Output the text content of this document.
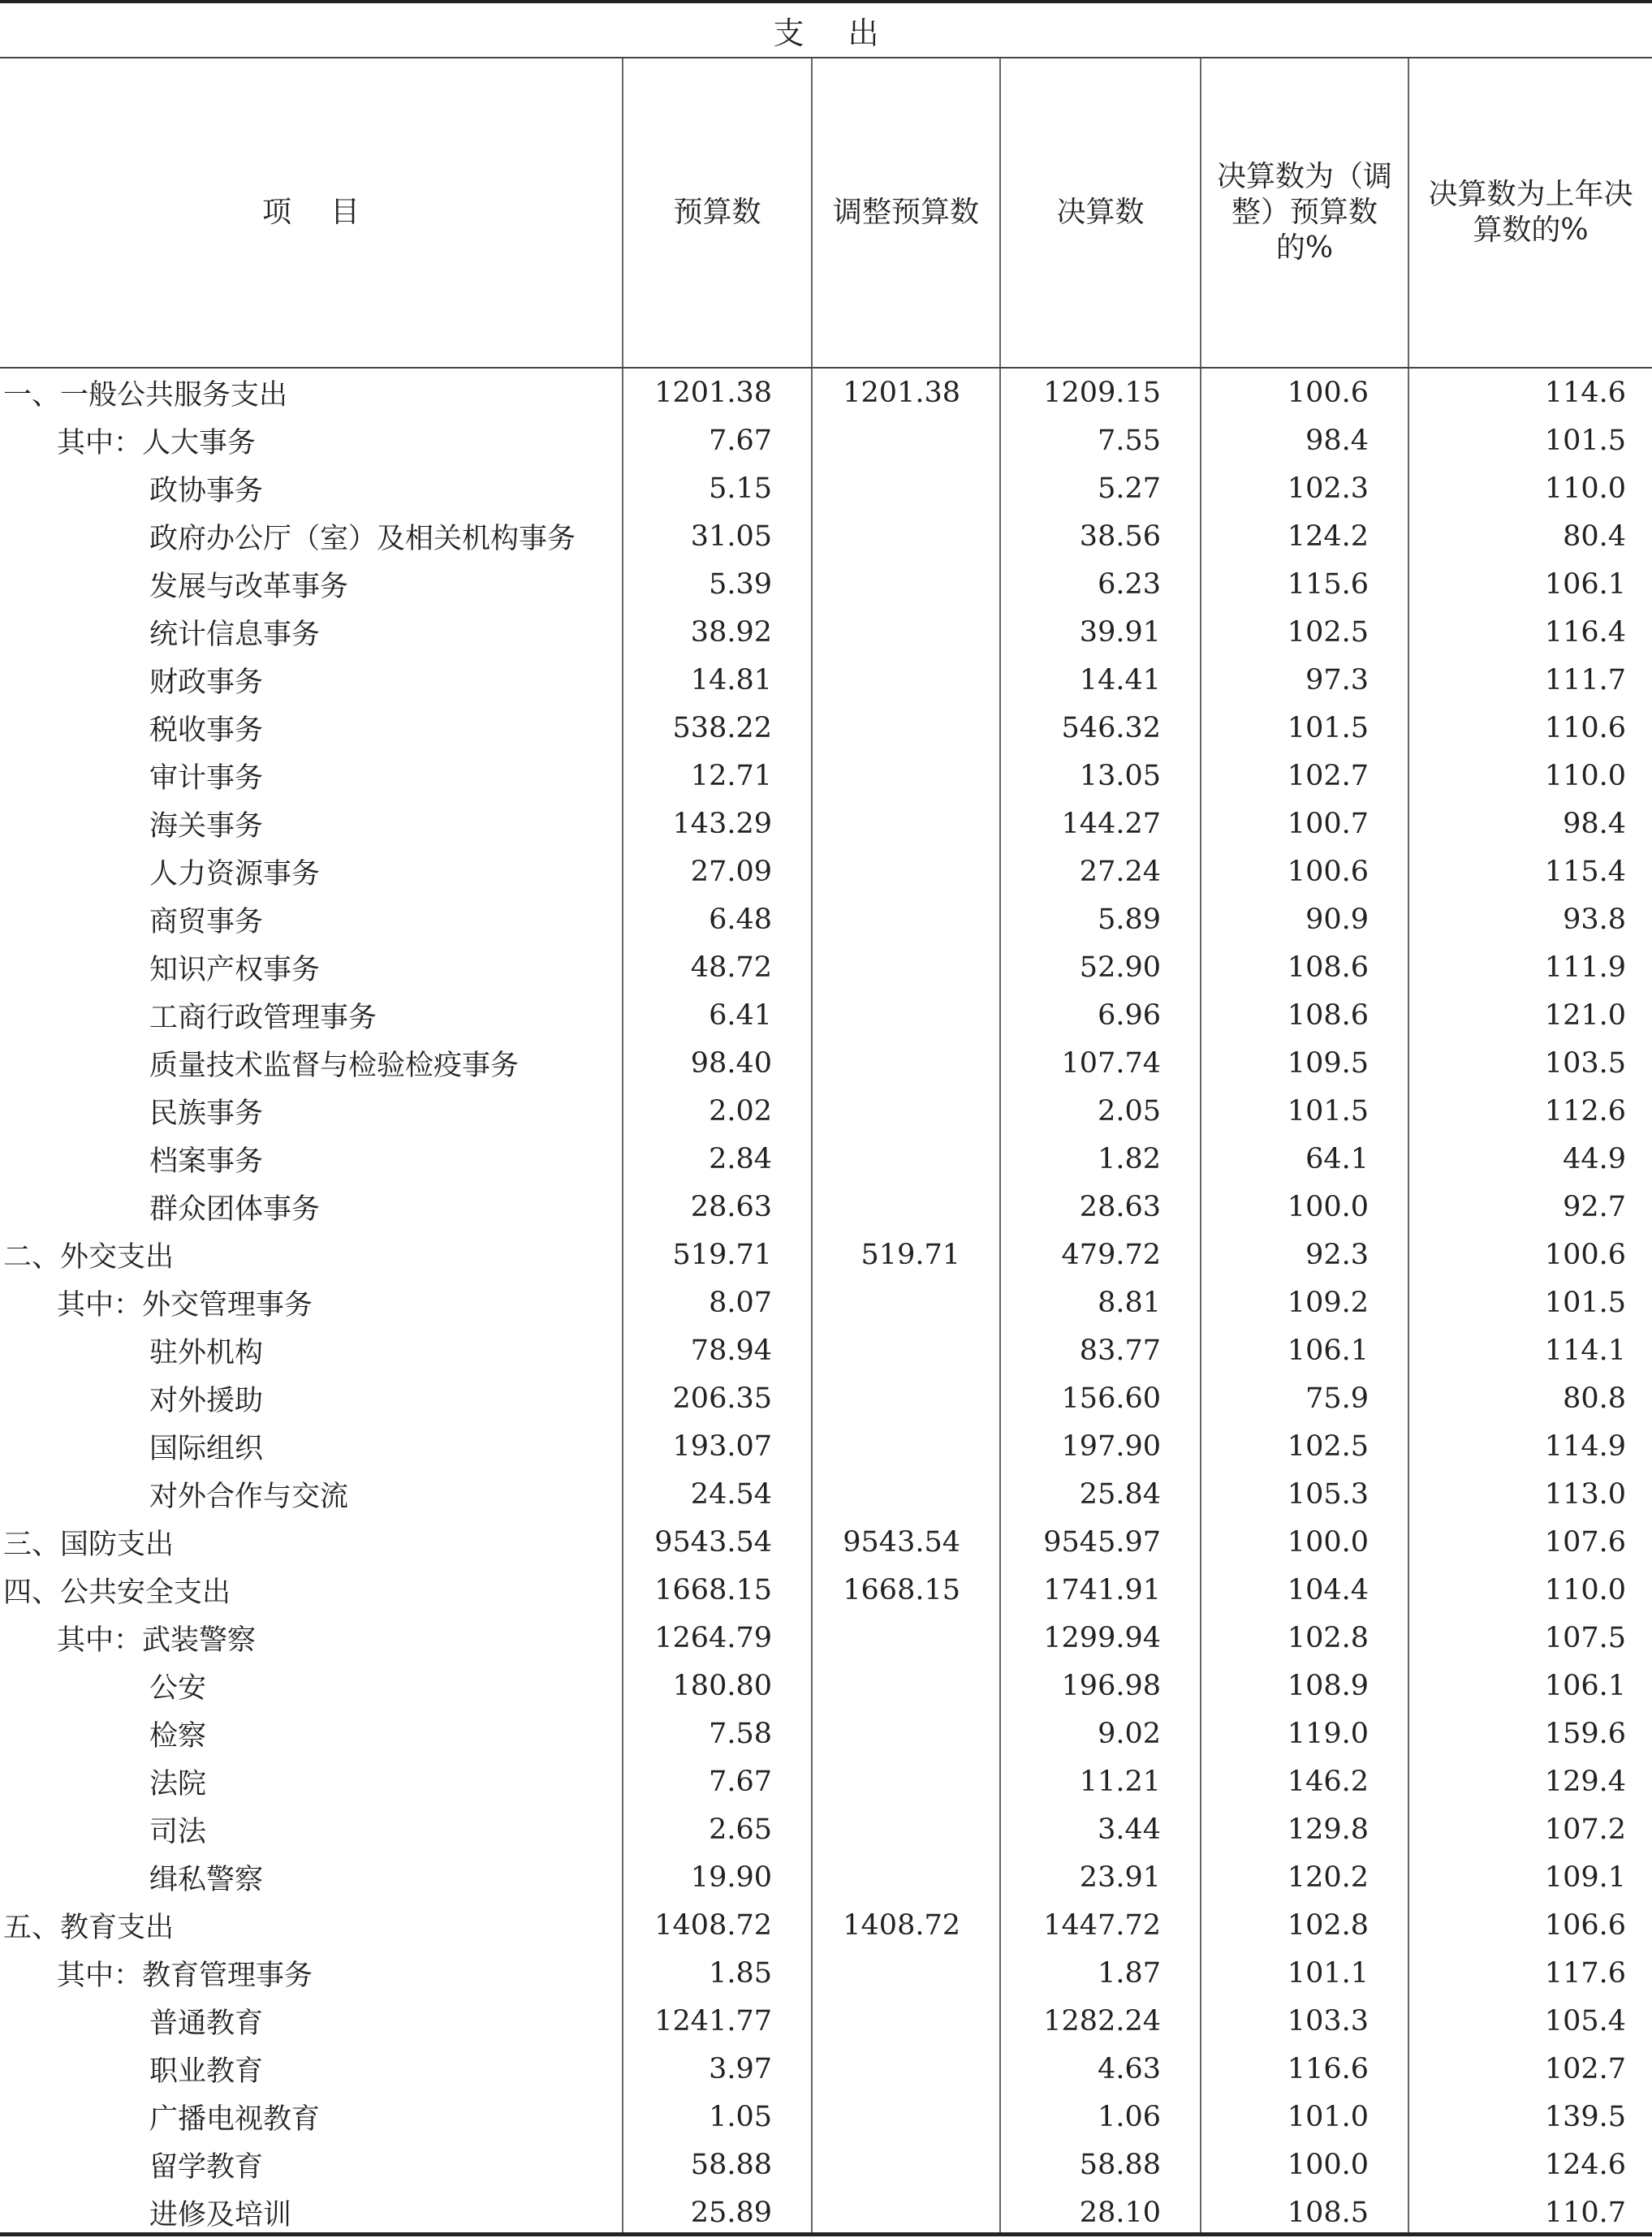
支出
项目	预算数	调整预算数	决算数	决算数为（调整）预算数的%	决算数为上年决算数的%
一、一般公共服务支出	1201.38	1201.38	1209.15	100.6	114.6
其中：人大事务	7.67		7.55	98.4	101.5
政协事务	5.15		5.27	102.3	110.0
政府办公厅（室）及相关机构事务	31.05		38.56	124.2	80.4
发展与改革事务	5.39		6.23	115.6	106.1
统计信息事务	38.92		39.91	102.5	116.4
财政事务	14.81		14.41	97.3	111.7
税收事务	538.22		546.32	101.5	110.6
审计事务	12.71		13.05	102.7	110.0
海关事务	143.29		144.27	100.7	98.4
人力资源事务	27.09		27.24	100.6	115.4
商贸事务	6.48		5.89	90.9	93.8
知识产权事务	48.72		52.90	108.6	111.9
工商行政管理事务	6.41		6.96	108.6	121.0
质量技术监督与检验检疫事务	98.40		107.74	109.5	103.5
民族事务	2.02		2.05	101.5	112.6
档案事务	2.84		1.82	64.1	44.9
群众团体事务	28.63		28.63	100.0	92.7
二、外交支出	519.71	519.71	479.72	92.3	100.6
其中：外交管理事务	8.07		8.81	109.2	101.5
驻外机构	78.94		83.77	106.1	114.1
对外援助	206.35		156.60	75.9	80.8
国际组织	193.07		197.90	102.5	114.9
对外合作与交流	24.54		25.84	105.3	113.0
三、国防支出	9543.54	9543.54	9545.97	100.0	107.6
四、公共安全支出	1668.15	1668.15	1741.91	104.4	110.0
其中：武装警察	1264.79		1299.94	102.8	107.5
公安	180.80		196.98	108.9	106.1
检察	7.58		9.02	119.0	159.6
法院	7.67		11.21	146.2	129.4
司法	2.65		3.44	129.8	107.2
缉私警察	19.90		23.91	120.2	109.1
五、教育支出	1408.72	1408.72	1447.72	102.8	106.6
其中：教育管理事务	1.85		1.87	101.1	117.6
普通教育	1241.77		1282.24	103.3	105.4
职业教育	3.97		4.63	116.6	102.7
广播电视教育	1.05		1.06	101.0	139.5
留学教育	58.88		58.88	100.0	124.6
进修及培训	25.89		28.10	108.5	110.7
